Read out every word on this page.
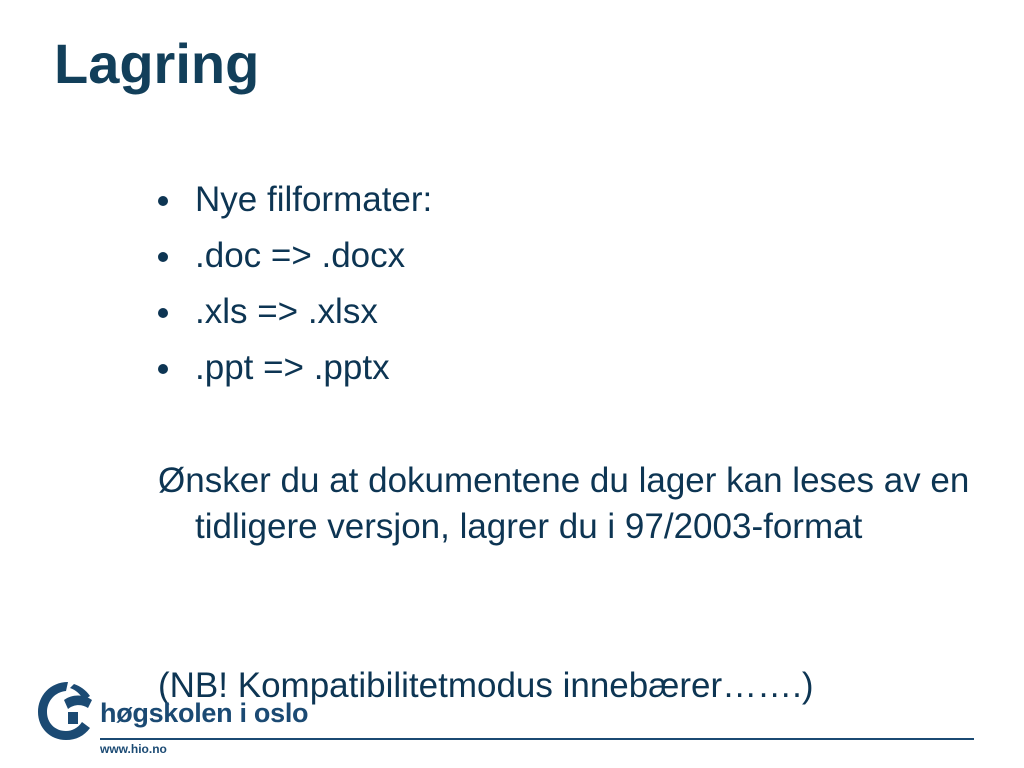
Lagring
Nye filformater:
.doc => .docx
.xls => .xlsx
.ppt => .pptx

Ønsker du at dokumentene du lager kan leses av en tidligere versjon, lagrer du i 97/2003-format

(NB! Kompatibilitetmodus innebærer…….)

høgskolen i oslo
www.hio.no
